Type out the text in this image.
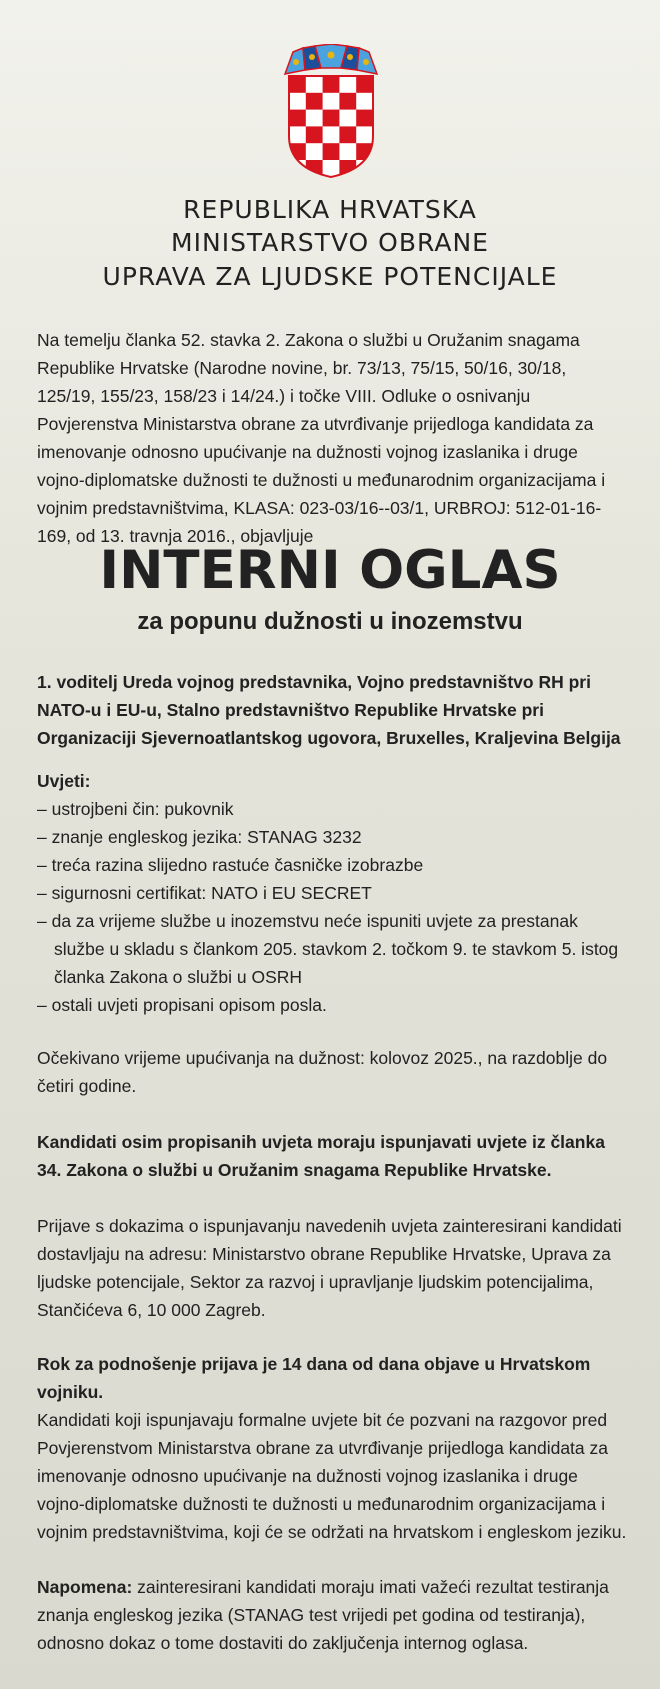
REPUBLIKA HRVATSKA
MINISTARSTVO OBRANE
UPRAVA ZA LJUDSKE POTENCIJALE
Na temelju članka 52. stavka 2. Zakona o službi u Oružanim snagama Republike Hrvatske (Narodne novine, br. 73/13, 75/15, 50/16, 30/18, 125/19, 155/23, 158/23 i 14/24.) i točke VIII. Odluke o osnivanju Povjerenstva Ministarstva obrane za utvrđivanje prijedloga kandidata za imenovanje odnosno upućivanje na dužnosti vojnog izaslanika i druge vojno-diplomatske dužnosti te dužnosti u međunarodnim organizacijama i vojnim predstavništvima, KLASA: 023-03/16--03/1, URBROJ: 512-01-16-169, od 13. travnja 2016., objavljuje
INTERNI OGLAS
za popunu dužnosti u inozemstvu
1. voditelj Ureda vojnog predstavnika, Vojno predstavništvo RH pri NATO-u i EU-u, Stalno predstavništvo Republike Hrvatske pri Organizaciji Sjevernoatlantskog ugovora, Bruxelles, Kraljevina Belgija
Uvjeti:
– ustrojbeni čin: pukovnik
– znanje engleskog jezika: STANAG 3232
– treća razina slijedno rastuće časničke izobrazbe
– sigurnosni certifikat: NATO i EU SECRET
– da za vrijeme službe u inozemstvu neće ispuniti uvjete za prestanak službe u skladu s člankom 205. stavkom 2. točkom 9. te stavkom 5. istog članka Zakona o službi u OSRH
– ostali uvjeti propisani opisom posla.
Očekivano vrijeme upućivanja na dužnost: kolovoz 2025., na razdoblje do četiri godine.
Kandidati osim propisanih uvjeta moraju ispunjavati uvjete iz članka 34. Zakona o službi u Oružanim snagama Republike Hrvatske.
Prijave s dokazima o ispunjavanju navedenih uvjeta zainteresirani kandidati dostavljaju na adresu: Ministarstvo obrane Republike Hrvatske, Uprava za ljudske potencijale, Sektor za razvoj i upravljanje ljudskim potencijalima, Stančićeva 6, 10 000 Zagreb.
Rok za podnošenje prijava je 14 dana od dana objave u Hrvatskom vojniku.
Kandidati koji ispunjavaju formalne uvjete bit će pozvani na razgovor pred Povjerenstvom Ministarstva obrane za utvrđivanje prijedloga kandidata za imenovanje odnosno upućivanje na dužnosti vojnog izaslanika i druge vojno-diplomatske dužnosti te dužnosti u međunarodnim organizacijama i vojnim predstavništvima, koji će se održati na hrvatskom i engleskom jeziku.
Napomena: zainteresirani kandidati moraju imati važeći rezultat testiranja znanja engleskog jezika (STANAG test vrijedi pet godina od testiranja), odnosno dokaz o tome dostaviti do zaključenja internog oglasa.
